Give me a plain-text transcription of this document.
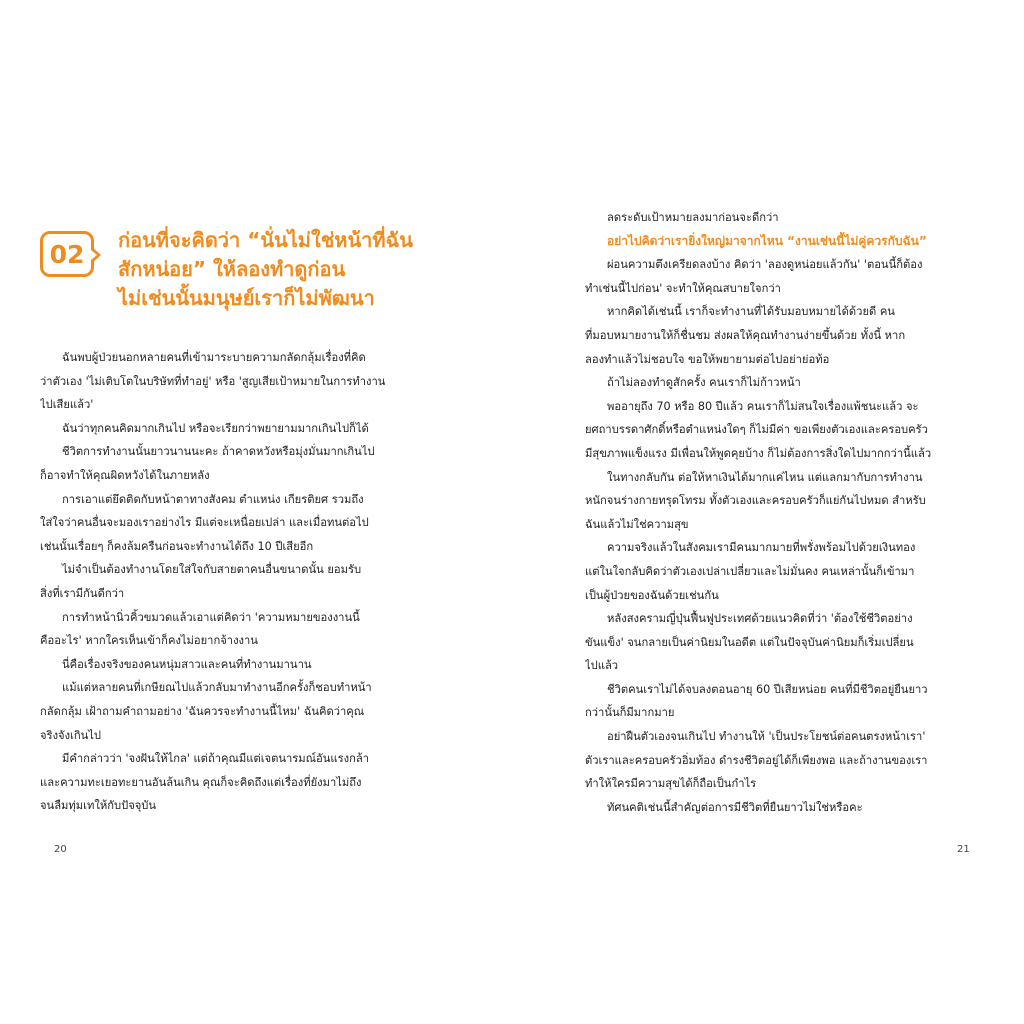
02	ก่อนที่จะคิดว่า “นั่นไม่ใช่หน้าที่ฉัน
สักหน่อย” ให้ลองทำดูก่อน
ไม่เช่นนั้นมนุษย์เราก็ไม่พัฒนา
ฉันพบผู้ป่วยนอกหลายคนที่เข้ามาระบายความกลัดกลุ้มเรื่องที่คิด
ว่าตัวเอง 'ไม่เติบโตในบริษัทที่ทำอยู่' หรือ 'สูญเสียเป้าหมายในการทำงาน
ไปเสียแล้ว'
ฉันว่าทุกคนคิดมากเกินไป หรือจะเรียกว่าพยายามมากเกินไปก็ได้
ชีวิตการทำงานนั้นยาวนานนะคะ ถ้าคาดหวังหรือมุ่งมั่นมากเกินไป
ก็อาจทำให้คุณผิดหวังได้ในภายหลัง
การเอาแต่ยึดติดกับหน้าตาทางสังคม ตำแหน่ง เกียรติยศ รวมถึง
ใส่ใจว่าคนอื่นจะมองเราอย่างไร มีแต่จะเหนื่อยเปล่า และเมื่อทนต่อไป
เช่นนั้นเรื่อยๆ ก็คงล้มครืนก่อนจะทำงานได้ถึง 10 ปีเสียอีก
ไม่จำเป็นต้องทำงานโดยใส่ใจกับสายตาคนอื่นขนาดนั้น ยอมรับ
สิ่งที่เรามีกันดีกว่า
การทำหน้านิ่วคิ้วขมวดแล้วเอาแต่คิดว่า 'ความหมายของงานนี้
คืออะไร' หากใครเห็นเข้าก็คงไม่อยากจ้างงาน
นี่คือเรื่องจริงของคนหนุ่มสาวและคนที่ทำงานมานาน
แม้แต่หลายคนที่เกษียณไปแล้วกลับมาทำงานอีกครั้งก็ชอบทำหน้า
กลัดกลุ้ม เฝ้าถามคำถามอย่าง 'ฉันควรจะทำงานนี้ไหม' ฉันคิดว่าคุณ
จริงจังเกินไป
มีคำกล่าวว่า 'จงฝันให้ไกล' แต่ถ้าคุณมีแต่เจตนารมณ์อันแรงกล้า
และความทะเยอทะยานอันล้นเกิน คุณก็จะคิดถึงแต่เรื่องที่ยังมาไม่ถึง
จนลืมทุ่มเทให้กับปัจจุบัน
20
ลดระดับเป้าหมายลงมาก่อนจะดีกว่า
อย่าไปคิดว่าเรายิ่งใหญ่มาจากไหน “งานเช่นนี้ไม่คู่ควรกับฉัน”
ผ่อนความตึงเครียดลงบ้าง คิดว่า 'ลองดูหน่อยแล้วกัน' 'ตอนนี้ก็ต้อง
ทำเช่นนี้ไปก่อน' จะทำให้คุณสบายใจกว่า
หากคิดได้เช่นนี้ เราก็จะทำงานที่ได้รับมอบหมายได้ด้วยดี คน
ที่มอบหมายงานให้ก็ชื่นชม ส่งผลให้คุณทำงานง่ายขึ้นด้วย ทั้งนี้ หาก
ลองทำแล้วไม่ชอบใจ ขอให้พยายามต่อไปอย่าย่อท้อ
ถ้าไม่ลองทำดูสักครั้ง คนเราก็ไม่ก้าวหน้า
พออายุถึง 70 หรือ 80 ปีแล้ว คนเราก็ไม่สนใจเรื่องแพ้ชนะแล้ว จะ
ยศถาบรรดาศักดิ์หรือตำแหน่งใดๆ ก็ไม่มีค่า ขอเพียงตัวเองและครอบครัว
มีสุขภาพแข็งแรง มีเพื่อนให้พูดคุยบ้าง ก็ไม่ต้องการสิ่งใดไปมากกว่านี้แล้ว
ในทางกลับกัน ต่อให้หาเงินได้มากแค่ไหน แต่แลกมากับการทำงาน
หนักจนร่างกายทรุดโทรม ทั้งตัวเองและครอบครัวก็แย่กันไปหมด สำหรับ
ฉันแล้วไม่ใช่ความสุข
ความจริงแล้วในสังคมเรามีคนมากมายที่พรั่งพร้อมไปด้วยเงินทอง
แต่ในใจกลับคิดว่าตัวเองเปล่าเปลี่ยวและไม่มั่นคง คนเหล่านั้นก็เข้ามา
เป็นผู้ป่วยของฉันด้วยเช่นกัน
หลังสงครามญี่ปุ่นฟื้นฟูประเทศด้วยแนวคิดที่ว่า 'ต้องใช้ชีวิตอย่าง
ขันแข็ง' จนกลายเป็นค่านิยมในอดีต แต่ในปัจจุบันค่านิยมก็เริ่มเปลี่ยน
ไปแล้ว
ชีวิตคนเราไม่ได้จบลงตอนอายุ 60 ปีเสียหน่อย คนที่มีชีวิตอยู่ยืนยาว
กว่านั้นก็มีมากมาย
อย่าฝืนตัวเองจนเกินไป ทำงานให้ 'เป็นประโยชน์ต่อคนตรงหน้าเรา'
ตัวเราและครอบครัวอิ่มท้อง ดำรงชีวิตอยู่ได้ก็เพียงพอ และถ้างานของเรา
ทำให้ใครมีความสุขได้ก็ถือเป็นกำไร
ทัศนคติเช่นนี้สำคัญต่อการมีชีวิตที่ยืนยาวไม่ใช่หรือคะ
21
